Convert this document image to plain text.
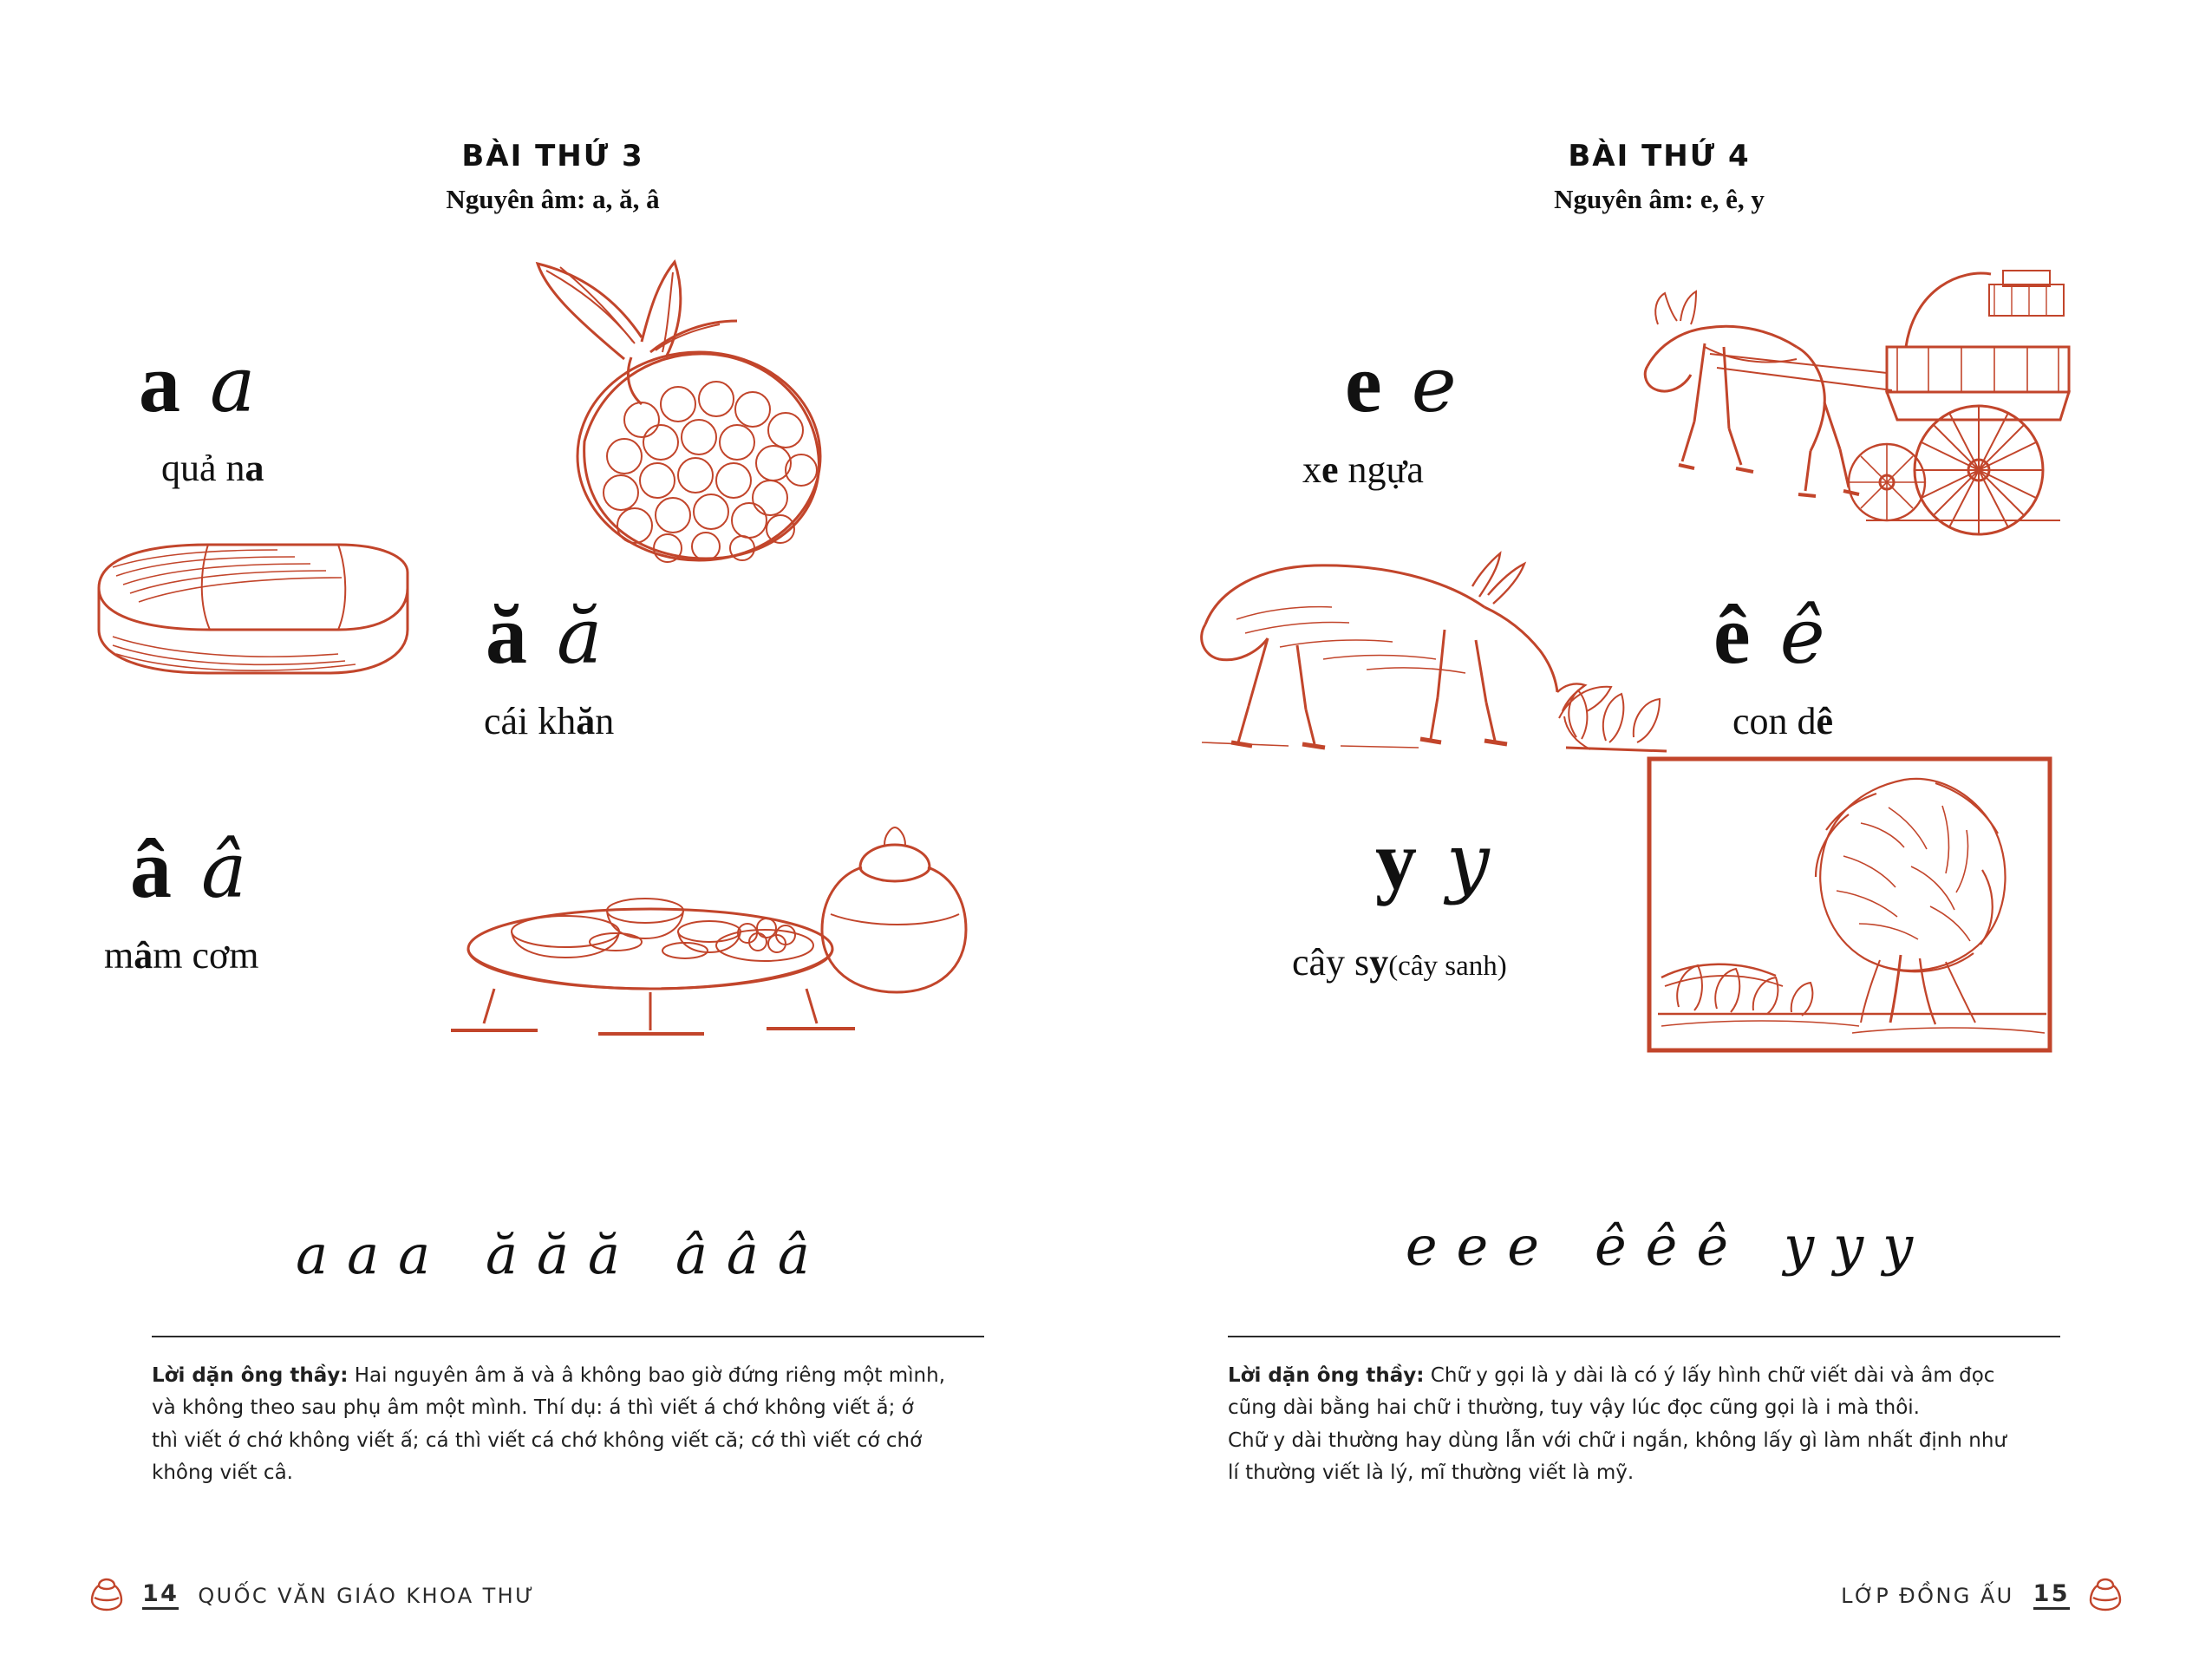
BÀI THỨ 3
Nguyên âm: a, ă, â
a a
quả na
ă ă
cái khăn
â â
mâm cơm
a a a ă ă ă â â â
Lời dặn ông thầy: Hai nguyên âm ă và â không bao giờ đứng riêng một mình,
và không theo sau phụ âm một mình. Thí dụ: á thì viết á chớ không viết ắ; ớ
thì viết ớ chớ không viết ấ; cá thì viết cá chớ không viết că; cớ thì viết cớ chớ
không viết câ.
14 QUỐC VĂN GIÁO KHOA THƯ
BÀI THỨ 4
Nguyên âm: e, ê, y
e e
xe ngựa
ê ê
con dê
y y
cây sy(cây sanh)
e e e ê ê ê y y y
Lời dặn ông thầy: Chữ y gọi là y dài là có ý lấy hình chữ viết dài và âm đọc
cũng dài bằng hai chữ i thường, tuy vậy lúc đọc cũng gọi là i mà thôi.
Chữ y dài thường hay dùng lẫn với chữ i ngắn, không lấy gì làm nhất định như
lí thường viết là lý, mĩ thường viết là mỹ.
LỚP ĐỒNG ẤU 15
